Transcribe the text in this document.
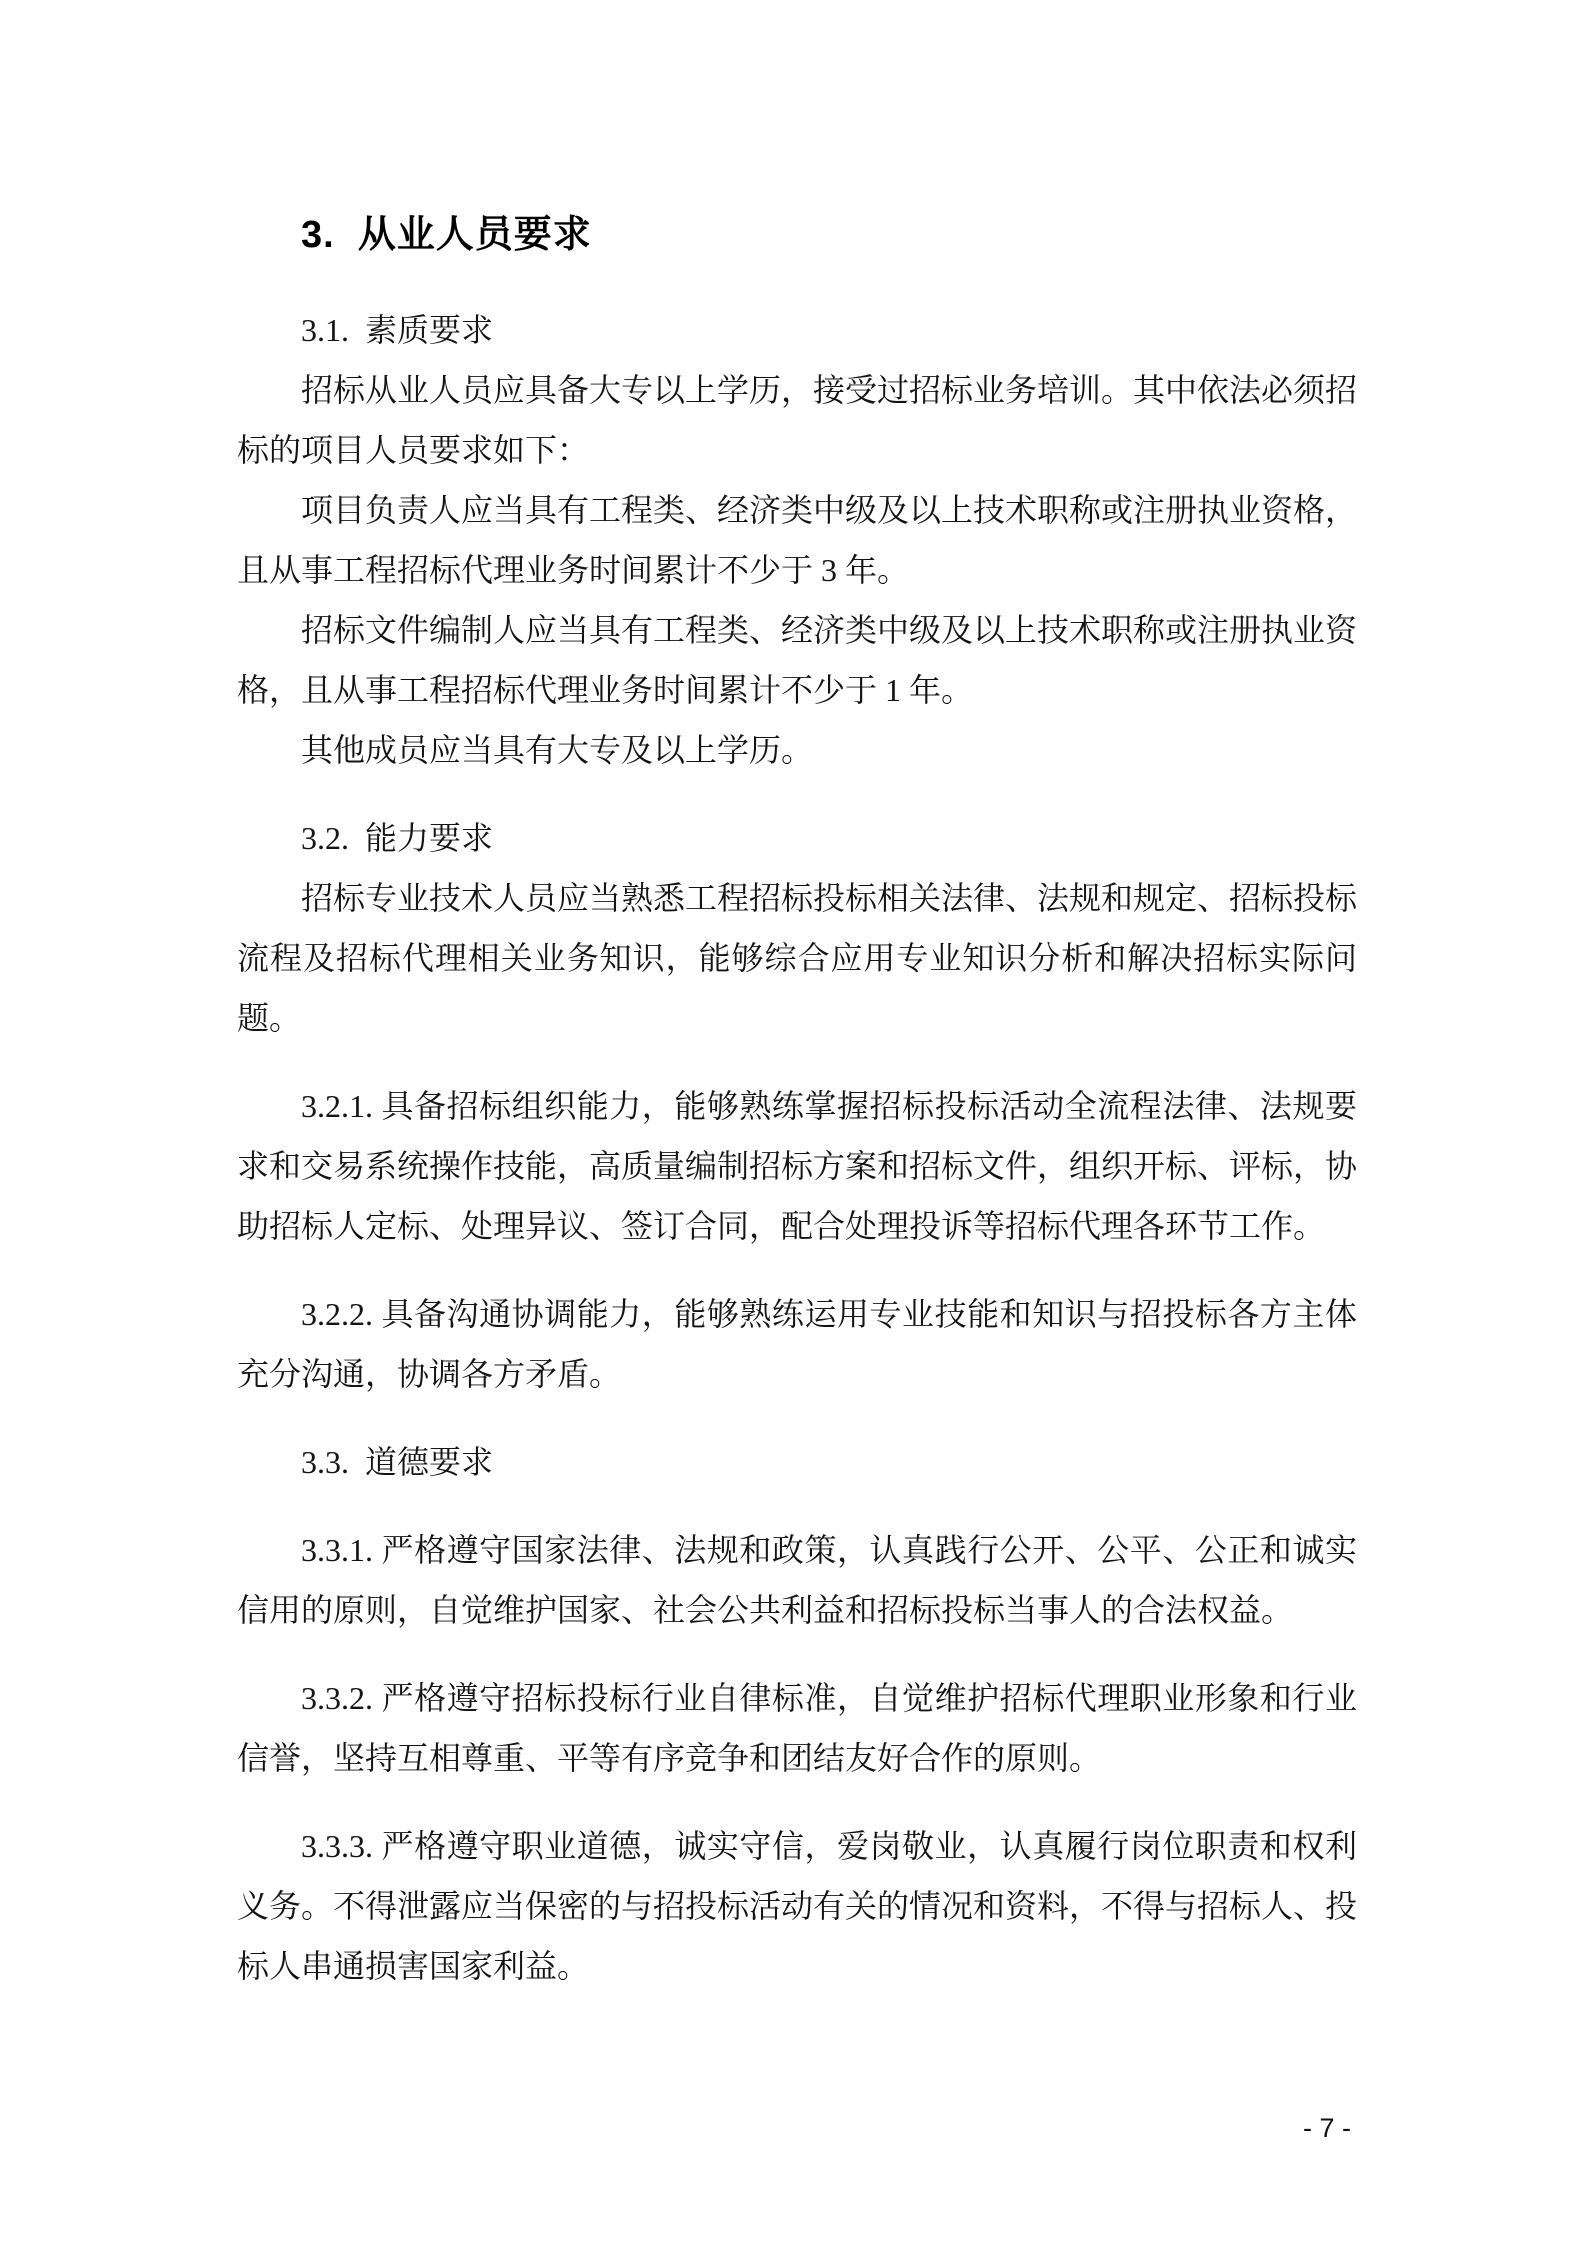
3.  从业人员要求
3.1.  素质要求

招标从业人员应具备大专以上学历，接受过招标业务培训。其中依法必须招标的项目人员要求如下：

项目负责人应当具有工程类、经济类中级及以上技术职称或注册执业资格，且从事工程招标代理业务时间累计不少于 3 年。

招标文件编制人应当具有工程类、经济类中级及以上技术职称或注册执业资格，且从事工程招标代理业务时间累计不少于 1 年。

其他成员应当具有大专及以上学历。

3.2.  能力要求

招标专业技术人员应当熟悉工程招标投标相关法律、法规和规定、招标投标流程及招标代理相关业务知识，能够综合应用专业知识分析和解决招标实际问题。

3.2.1. 具备招标组织能力，能够熟练掌握招标投标活动全流程法律、法规要求和交易系统操作技能，高质量编制招标方案和招标文件，组织开标、评标，协助招标人定标、处理异议、签订合同，配合处理投诉等招标代理各环节工作。

3.2.2. 具备沟通协调能力，能够熟练运用专业技能和知识与招投标各方主体充分沟通，协调各方矛盾。

3.3.  道德要求

3.3.1. 严格遵守国家法律、法规和政策，认真践行公开、公平、公正和诚实信用的原则，自觉维护国家、社会公共利益和招标投标当事人的合法权益。

3.3.2. 严格遵守招标投标行业自律标准，自觉维护招标代理职业形象和行业信誉，坚持互相尊重、平等有序竞争和团结友好合作的原则。

3.3.3. 严格遵守职业道德，诚实守信，爱岗敬业，认真履行岗位职责和权利义务。不得泄露应当保密的与招投标活动有关的情况和资料，不得与招标人、投标人串通损害国家利益。

- 7 -
